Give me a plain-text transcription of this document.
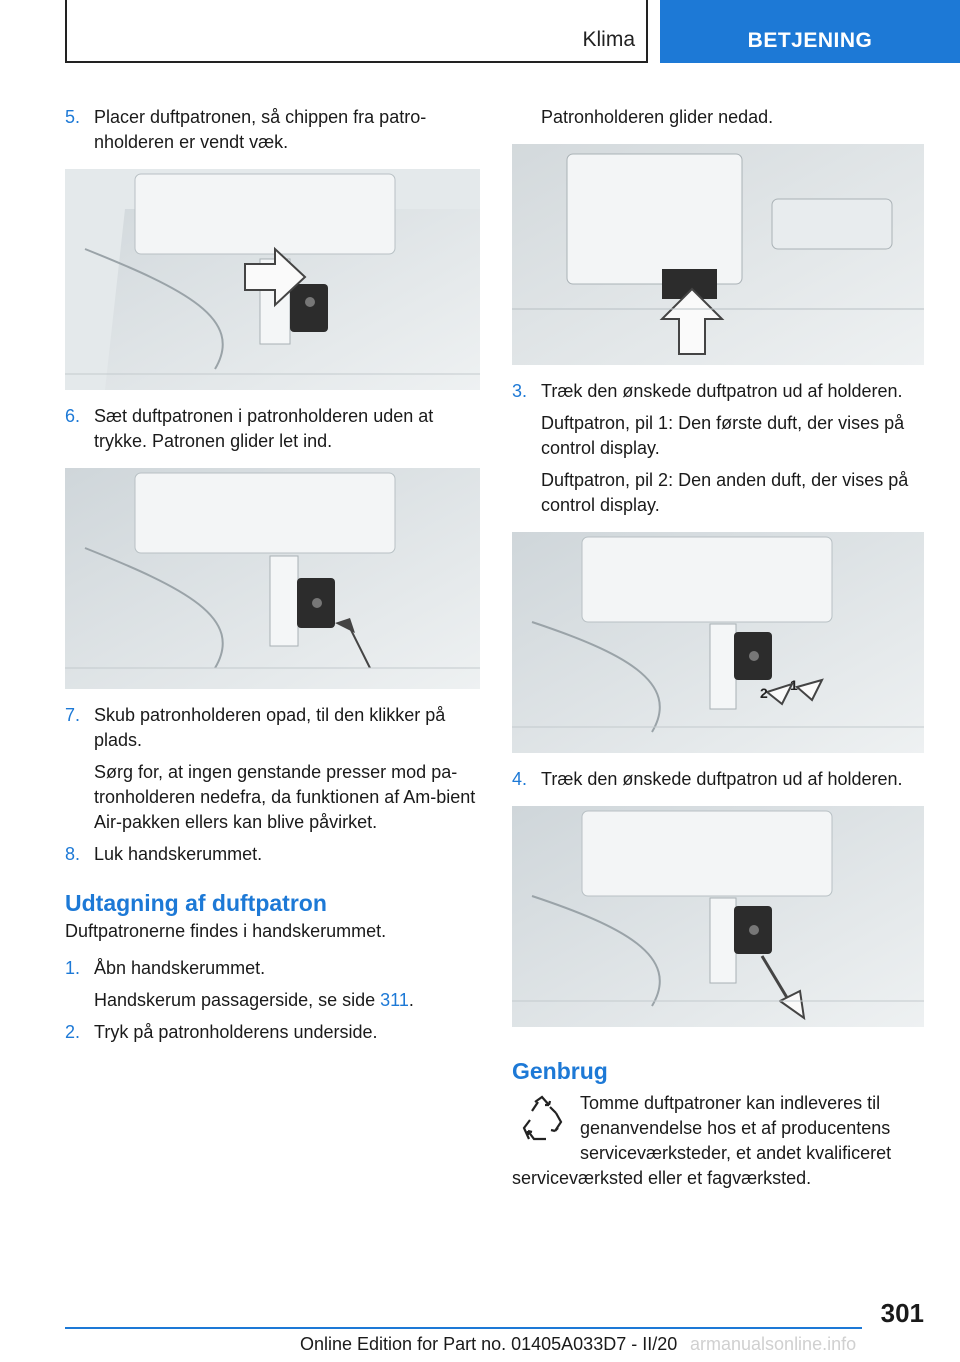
Klima	BETJENING
5. Placer duftpatronen, så chippen fra patro-nholderen er vendt væk.
6. Sæt duftpatronen i patronholderen uden at trykke. Patronen glider let ind.
7. Skub patronholderen opad, til den klikker på plads.

Sørg for, at ingen genstande presser mod pa-tronholderen nedefra, da funktionen af Am-bient Air-pakken ellers kan blive påvirket.

8. Luk handskerummet.
Udtagning af duftpatron

Duftpatronerne findes i handskerummet.

1. Åbn handskerummet.

Handskerum passagerside, se side 311.

2. Tryk på patronholderens underside.

Patronholderen glider nedad.

3. Træk den ønskede duftpatron ud af holderen.

Duftpatron, pil 1: Den første duft, der vises på control display.

Duftpatron, pil 2: Den anden duft, der vises på control display.

2 1
4. Træk den ønskede duftpatron ud af holderen.
Genbrug

Tomme duftpatroner kan indleveres til genanvendelse hos et af producentens serviceværksteder, et andet kvalificeret serviceværksted eller et fagværksted.

301
Online Edition for Part no. 01405A033D7 - II/20 armanualsonline.info
